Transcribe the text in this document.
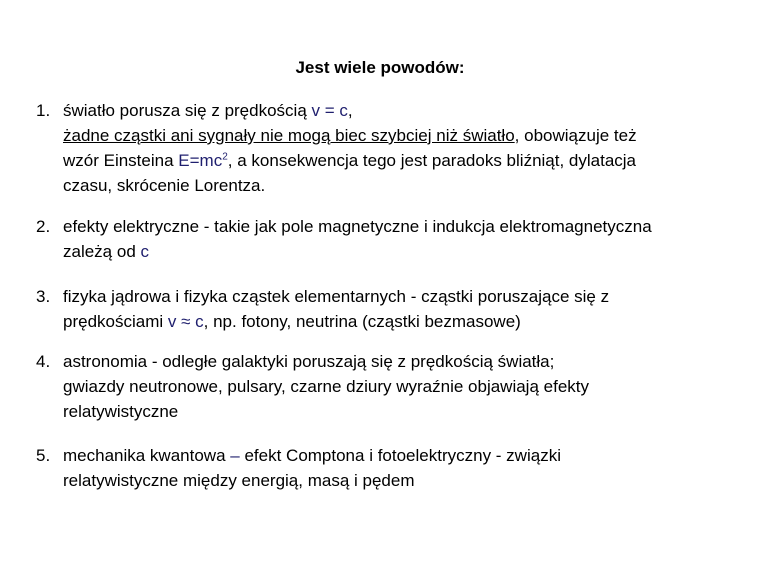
Jest wiele powodów:
1. światło porusza się z prędkością v = c,
żadne cząstki ani sygnały nie mogą biec szybciej niż światło, obowiązuje też
wzór Einsteina $E=mc^2$, a konsekwencja tego jest paradoks bliźniąt, dylatacja
czasu, skrócenie Lorentza.
2. efekty elektryczne - takie jak pole magnetyczne i indukcja elektromagnetyczna
zależą od c
3. fizyka jądrowa i fizyka cząstek elementarnych - cząstki poruszające się z
prędkościami v ≈ c, np. fotony, neutrina (cząstki bezmasowe)
4. astronomia - odległe galaktyki poruszają się z prędkością światła;
gwiazdy neutronowe, pulsary, czarne dziury wyraźnie objawiają efekty
relatywistyczne
5. mechanika kwantowa – efekt Comptona i fotoelektryczny - związki
relatywistyczne między energią, masą i pędem
